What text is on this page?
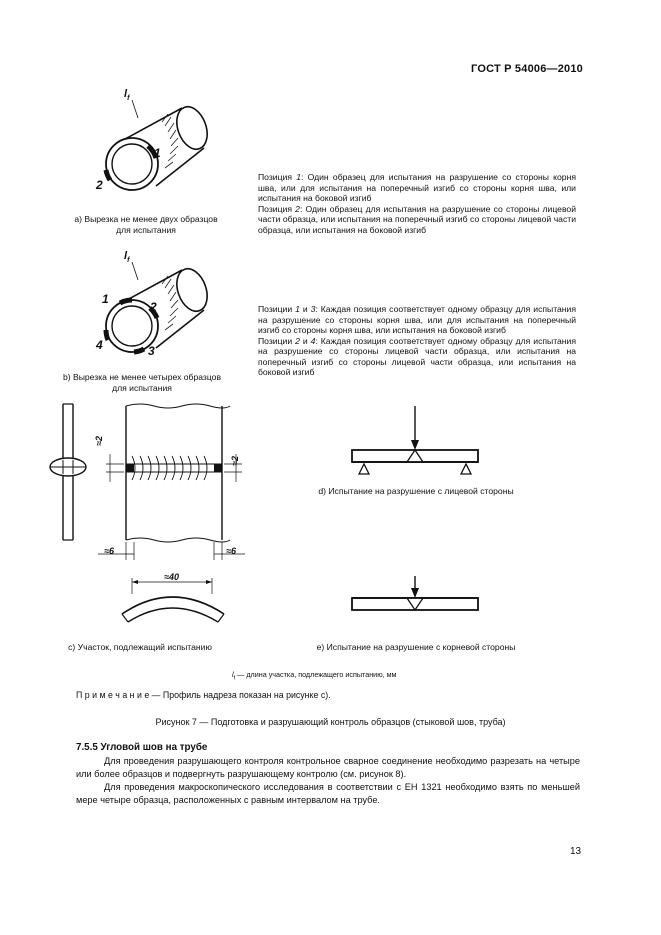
ГОСТ Р 54006—2010
$l_f$
1
2
а) Вырезка не менее двух образцов
для испытания

Позиция 1: Один образец для испытания на разрушение со стороны корня шва, или для испытания на поперечный изгиб со стороны корня шва, или испытания на боковой изгиб

Позиция 2: Один образец для испытания на разрушение со стороны лицевой части образца, или испытания на поперечный изгиб со стороны лицевой части образца, или испытания на боковой изгиб

$l_f$
1
2
3
4
b) Вырезка не менее четырех образцов
для испытания

Позиции 1 и 3: Каждая позиция соответствует одному образцу для испытания на разрушение со стороны корня шва, или для испытания на поперечный изгиб со стороны корня шва, или испытания на боковой изгиб

Позиции 2 и 4: Каждая позиция соответствует одному образцу для испытания на разрушение со стороны лицевой части образца, или испытания на поперечный изгиб со стороны лицевой части образца, или испытания на боковой изгиб

≈2
≈2
≈6	≈6
≈40
с) Участок, подлежащий испытанию
d) Испытание на разрушение с лицевой стороны
е) Испытание на разрушение с корневой стороны
$l_f$ — длина участка, подлежащего испытанию, мм
П р и м е ч а н и е — Профиль надреза показан на рисунке с).
Рисунок 7 — Подготовка и разрушающий контроль образцов (стыковой шов, труба)
7.5.5 Угловой шов на трубе

Для проведения разрушающего контроля контрольное сварное соединение необходимо разрезать на четыре или более образцов и подвергнуть разрушающему контролю (см. рисунок 8).

Для проведения макроскопического исследования в соответствии с ЕН 1321 необходимо взять по меньшей мере четыре образца, расположенных с равным интервалом на трубе.

13
